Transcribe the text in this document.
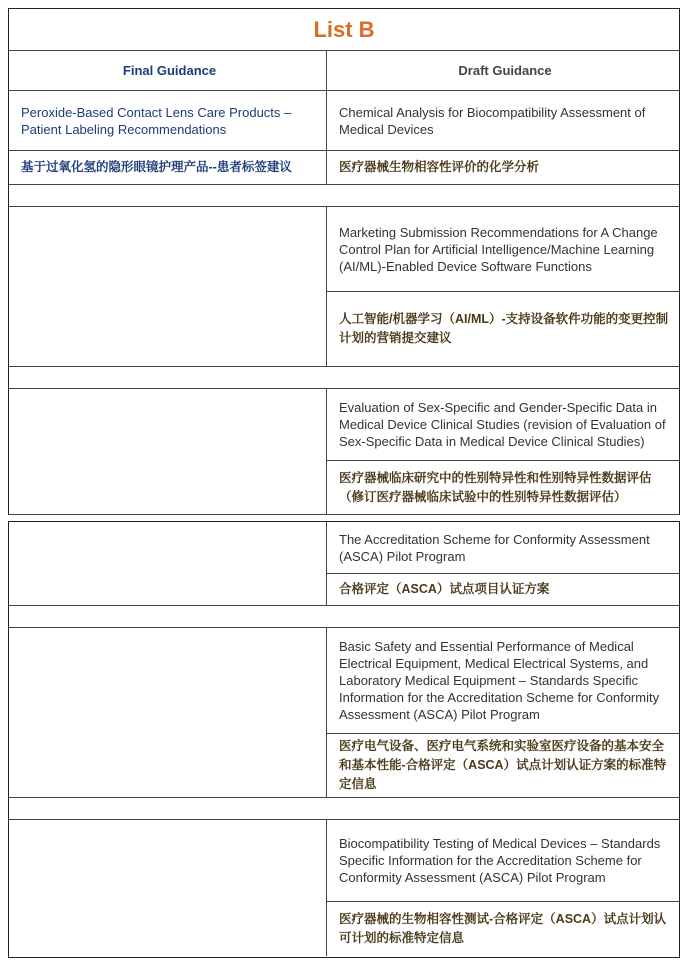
List B
Final Guidance	Draft Guidance
Peroxide-Based Contact Lens Care Products – Patient Labeling Recommendations
Chemical Analysis for Biocompatibility Assessment of Medical Devices
基于过氧化氢的隐形眼镜护理产品--患者标签建议	医疗器械生物相容性评价的化学分析
Marketing Submission Recommendations for A Change Control Plan for Artificial Intelligence/Machine Learning (AI/ML)-Enabled Device Software Functions
人工智能/机器学习（AI/ML）-支持设备软件功能的变更控制计划的营销提交建议
Evaluation of Sex-Specific and Gender-Specific Data in Medical Device Clinical Studies (revision of Evaluation of Sex-Specific Data in Medical Device Clinical Studies)
医疗器械临床研究中的性别特异性和性别特异性数据评估（修订医疗器械临床试验中的性别特异性数据评估）
The Accreditation Scheme for Conformity Assessment (ASCA) Pilot Program
合格评定（ASCA）试点项目认证方案
Basic Safety and Essential Performance of Medical Electrical Equipment, Medical Electrical Systems, and Laboratory Medical Equipment – Standards Specific Information for the Accreditation Scheme for Conformity Assessment (ASCA) Pilot Program
医疗电气设备、医疗电气系统和实验室医疗设备的基本安全和基本性能-合格评定（ASCA）试点计划认证方案的标准特定信息
Biocompatibility Testing of Medical Devices – Standards Specific Information for the Accreditation Scheme for Conformity Assessment (ASCA) Pilot Program
医疗器械的生物相容性测试-合格评定（ASCA）试点计划认可计划的标准特定信息
